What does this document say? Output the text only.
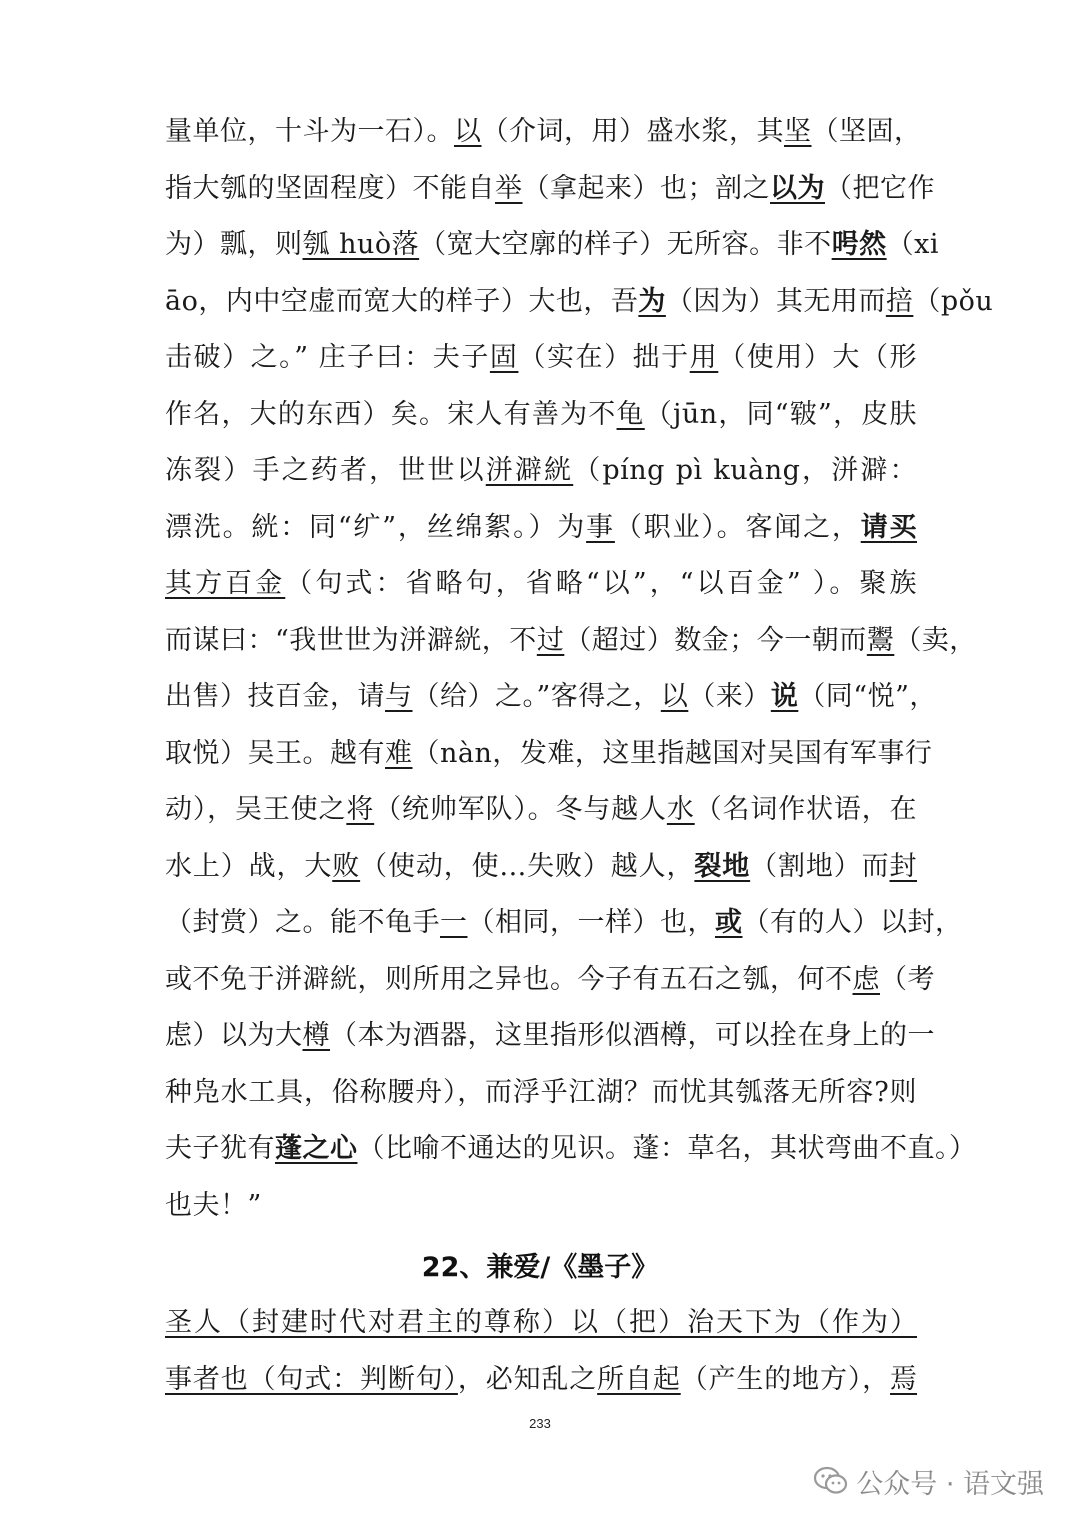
量单位，十斗为一石）。以（介词，用）盛水浆，其坚（坚固，
指大瓠的坚固程度）不能自举（拿起来）也；剖之以为（把它作
为）瓢，则瓠 huò落（宽大空廓的样子）无所容。非不呺然（xi
āo，内中空虚而宽大的样子）大也，吾为（因为）其无用而掊（pǒu
击破）之。” 庄子曰：夫子固（实在）拙于用（使用）大（形
作名，大的东西）矣。宋人有善为不龟（jūn，同“皲”，皮肤
冻裂）手之药者，世世以洴澼絖（píng pì kuàng，洴澼：
漂洗。絖：同“纩”，丝绵絮。）为事（职业）。客闻之，请买
其方百金（句式：省略句，省略“以”，“以百金” ）。聚族
而谋曰：“我世世为洴澼絖，不过（超过）数金；今一朝而鬻（卖，
出售）技百金，请与（给）之。”客得之，以（来）说（同“悦”，
取悦）吴王。越有难（nàn，发难，这里指越国对吴国有军事行
动），吴王使之将（统帅军队）。冬与越人水（名词作状语，在
水上）战，大败（使动，使...失败）越人，裂地（割地）而封
（封赏）之。能不龟手一（相同，一样）也，或（有的人）以封，
或不免于洴澼絖，则所用之异也。今子有五石之瓠，何不虑（考
虑）以为大樽（本为酒器，这里指形似酒樽，可以拴在身上的一
种凫水工具，俗称腰舟），而浮乎江湖？而忧其瓠落无所容?则
夫子犹有蓬之心（比喻不通达的见识。蓬：草名，其状弯曲不直。）
也夫！”
22、兼爱/《墨子》
圣人（封建时代对君主的尊称）以（把）治天下为（作为）
事者也（句式：判断句），必知乱之所自起（产生的地方），焉
233
公众号 · 语文强
